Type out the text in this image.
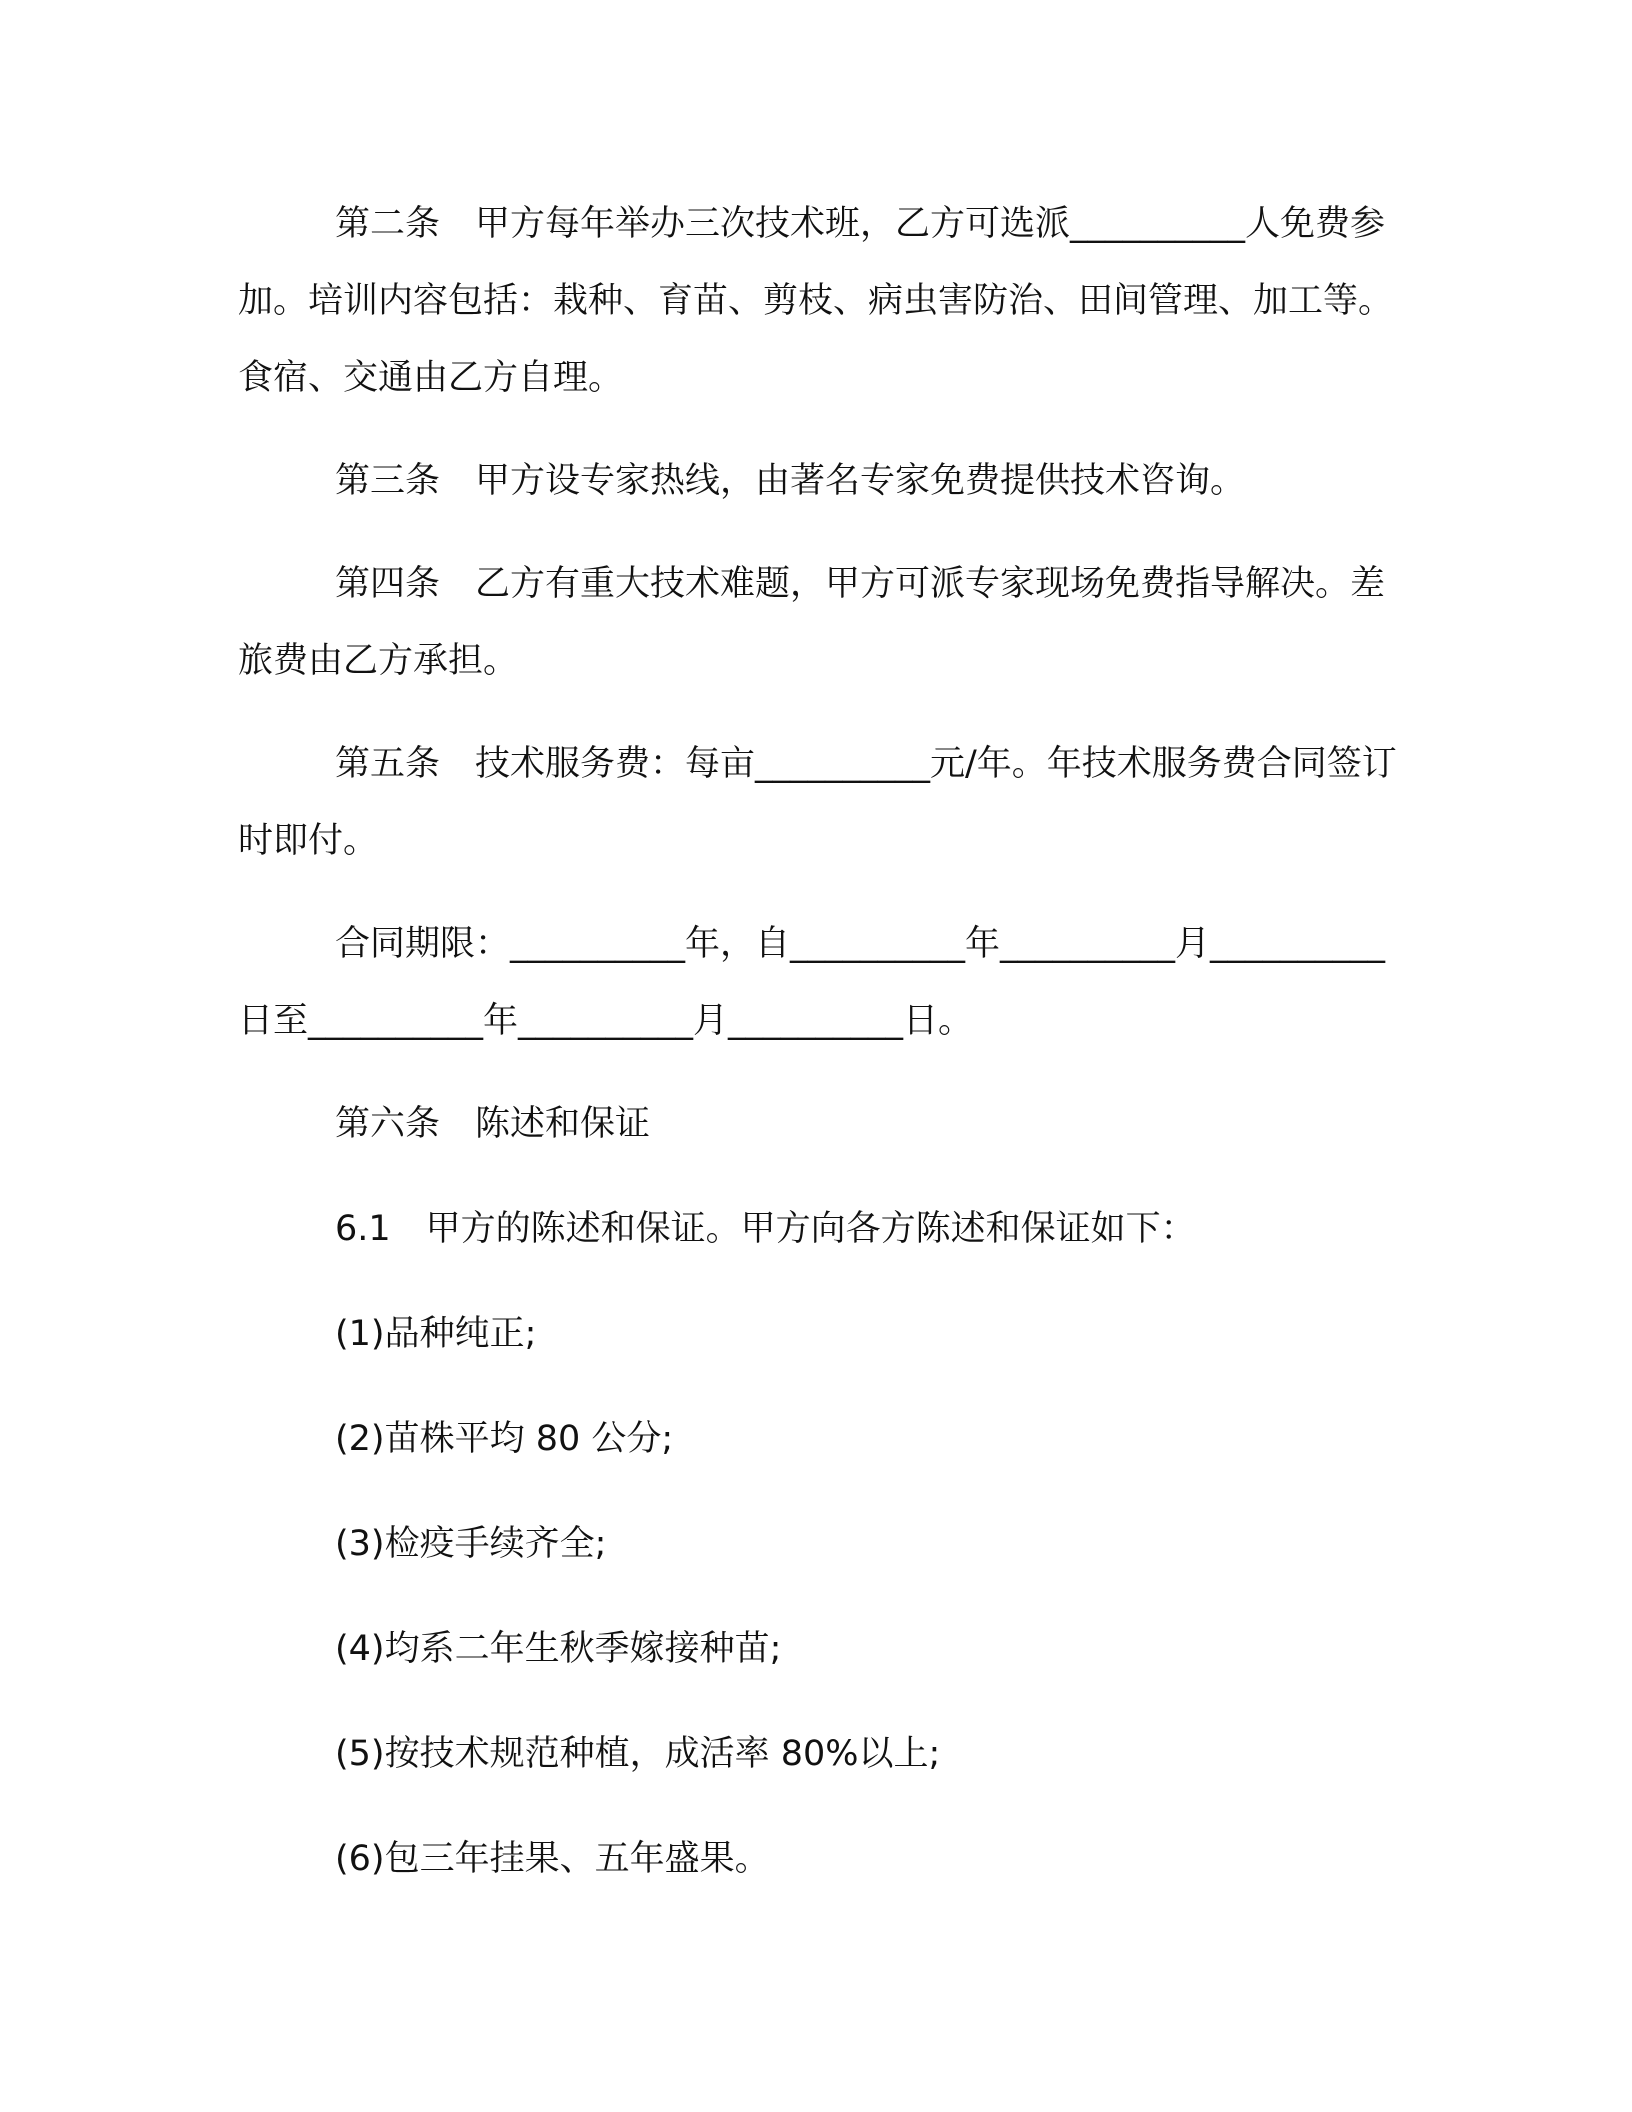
第二条　甲方每年举办三次技术班，乙方可选派__________人免费参加。培训内容包括：栽种、育苗、剪枝、病虫害防治、田间管理、加工等。食宿、交通由乙方自理。

第三条　甲方设专家热线，由著名专家免费提供技术咨询。

第四条　乙方有重大技术难题，甲方可派专家现场免费指导解决。差旅费由乙方承担。

第五条　技术服务费：每亩__________元/年。年技术服务费合同签订时即付。

合同期限：__________年，自__________年__________月__________日至__________年__________月__________日。

第六条　陈述和保证

6.1　甲方的陈述和保证。甲方向各方陈述和保证如下：

(1)品种纯正;

(2)苗株平均 80 公分;

(3)检疫手续齐全;

(4)均系二年生秋季嫁接种苗;

(5)按技术规范种植，成活率 80%以上;

(6)包三年挂果、五年盛果。
